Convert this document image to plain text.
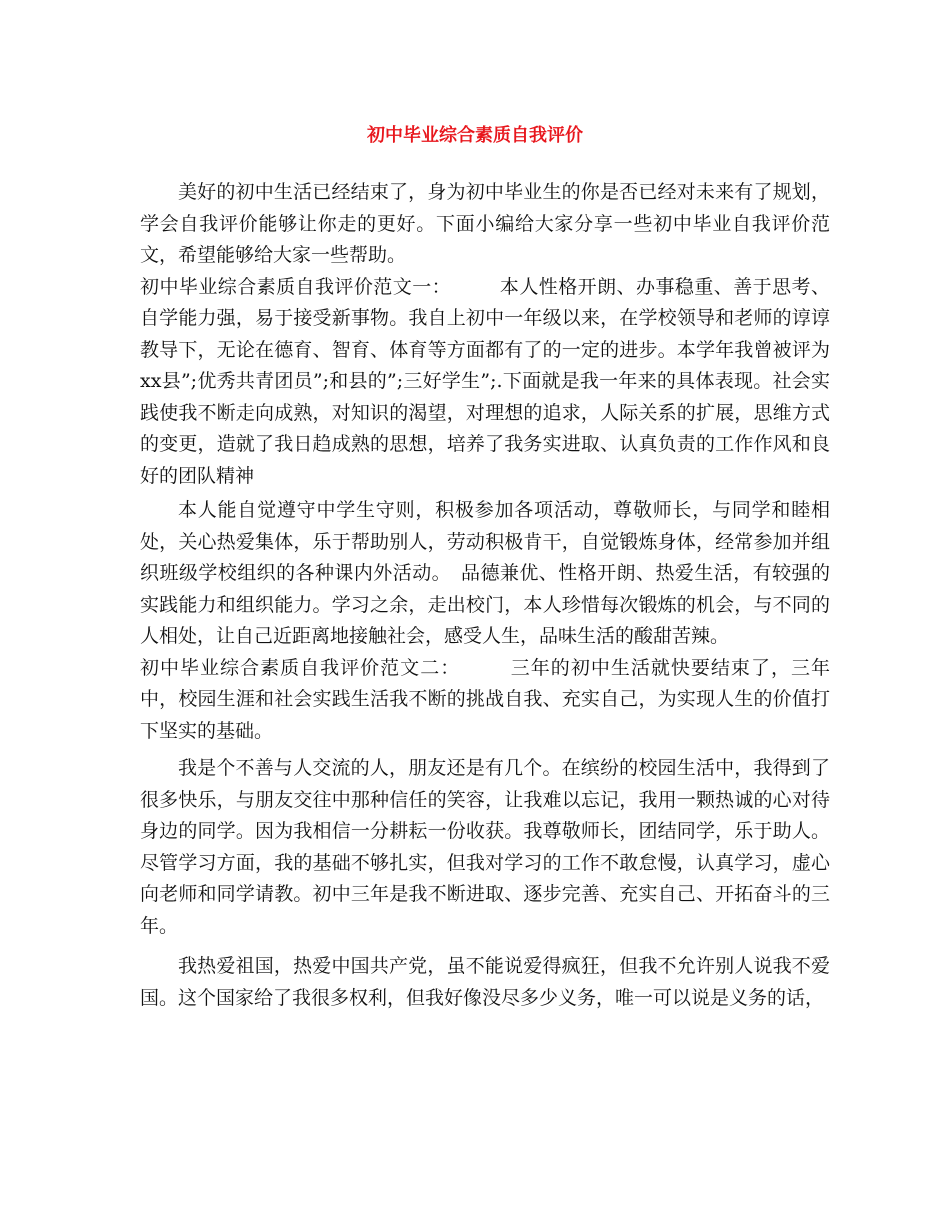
初中毕业综合素质自我评价

美好的初中生活已经结束了，身为初中毕业生的你是否已经对未来有了规划，学会自我评价能够让你走的更好。下面小编给大家分享一些初中毕业自我评价范文，希望能够给大家一些帮助。

初中毕业综合素质自我评价范文一：　　　本人性格开朗、办事稳重、善于思考、自学能力强，易于接受新事物。我自上初中一年级以来，在学校领导和老师的谆谆教导下，无论在德育、智育、体育等方面都有了的一定的进步。本学年我曾被评为xx县”;优秀共青团员”;和县的”;三好学生”;.下面就是我一年来的具体表现。社会实践使我不断走向成熟，对知识的渴望，对理想的追求，人际关系的扩展，思维方式的变更，造就了我日趋成熟的思想，培养了我务实进取、认真负责的工作作风和良好的团队精神

本人能自觉遵守中学生守则，积极参加各项活动，尊敬师长，与同学和睦相处，关心热爱集体，乐于帮助别人，劳动积极肯干，自觉锻炼身体，经常参加并组织班级学校组织的各种课内外活动。　品德兼优、性格开朗、热爱生活，有较强的实践能力和组织能力。学习之余，走出校门，本人珍惜每次锻炼的机会，与不同的人相处，让自己近距离地接触社会，感受人生，品味生活的酸甜苦辣。

初中毕业综合素质自我评价范文二：　　　三年的初中生活就快要结束了，三年中，校园生涯和社会实践生活我不断的挑战自我、充实自己，为实现人生的价值打下坚实的基础。

我是个不善与人交流的人，朋友还是有几个。在缤纷的校园生活中，我得到了很多快乐，与朋友交往中那种信任的笑容，让我难以忘记，我用一颗热诚的心对待身边的同学。因为我相信一分耕耘一份收获。我尊敬师长，团结同学，乐于助人。尽管学习方面，我的基础不够扎实，但我对学习的工作不敢怠慢，认真学习，虚心向老师和同学请教。初中三年是我不断进取、逐步完善、充实自己、开拓奋斗的三年。

我热爱祖国，热爱中国共产党，虽不能说爱得疯狂，但我不允许别人说我不爱国。这个国家给了我很多权利，但我好像没尽多少义务，唯一可以说是义务的话，
